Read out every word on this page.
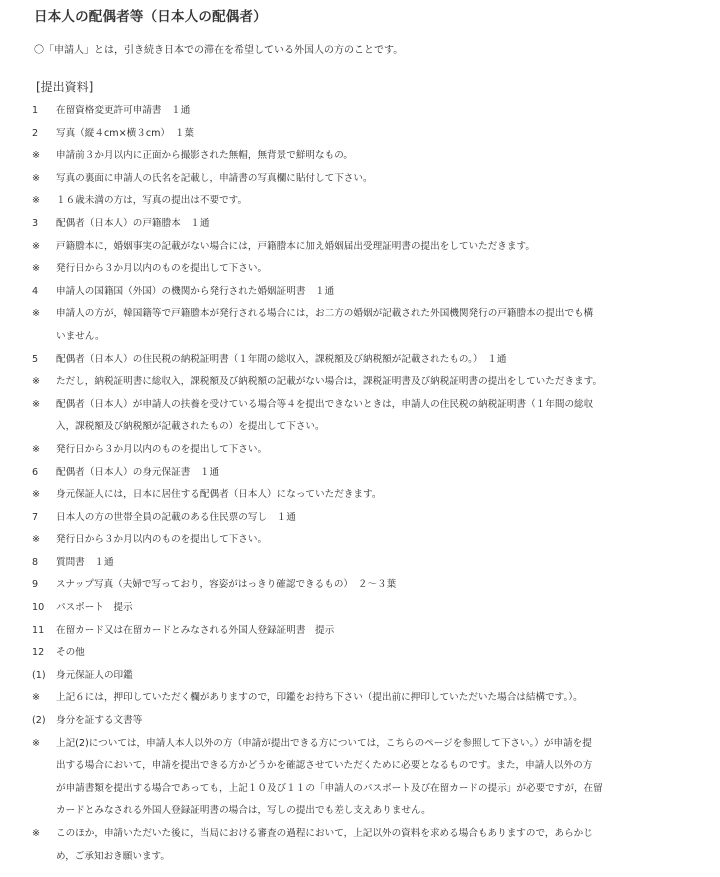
日本人の配偶者等（日本人の配偶者）
〇「申請人」とは，引き続き日本での滞在を希望している外国人の方のことです。
[提出資料]
1	在留資格変更許可申請書　１通
2	写真（縦４cm×横３cm）　１葉
※	申請前３か月以内に正面から撮影された無帽，無背景で鮮明なもの。
※	写真の裏面に申請人の氏名を記載し，申請書の写真欄に貼付して下さい。
※	１６歳未満の方は，写真の提出は不要です。
3	配偶者（日本人）の戸籍謄本　１通
※	戸籍謄本に，婚姻事実の記載がない場合には，戸籍謄本に加え婚姻届出受理証明書の提出をしていただきます。
※	発行日から３か月以内のものを提出して下さい。
4	申請人の国籍国（外国）の機関から発行された婚姻証明書　１通
※	申請人の方が，韓国籍等で戸籍謄本が発行される場合には，お二方の婚姻が記載された外国機関発行の戸籍謄本の提出でも構
いません。
5	配偶者（日本人）の住民税の納税証明書（１年間の総収入，課税額及び納税額が記載されたもの。）　１通
※	ただし，納税証明書に総収入，課税額及び納税額の記載がない場合は，課税証明書及び納税証明書の提出をしていただきます。
※	配偶者（日本人）が申請人の扶養を受けている場合等４を提出できないときは，申請人の住民税の納税証明書（１年間の総収
入，課税額及び納税額が記載されたもの）を提出して下さい。
※	発行日から３か月以内のものを提出して下さい。
6	配偶者（日本人）の身元保証書　１通
※	身元保証人には，日本に居住する配偶者（日本人）になっていただきます。
7	日本人の方の世帯全員の記載のある住民票の写し　１通
※	発行日から３か月以内のものを提出して下さい。
8	質問書　１通
9	スナップ写真（夫婦で写っており，容姿がはっきり確認できるもの）　２～３葉
10	パスポート　提示
11	在留カード又は在留カードとみなされる外国人登録証明書　提示
12	その他
(1)	身元保証人の印鑑
※	上記６には，押印していただく欄がありますので，印鑑をお持ち下さい（提出前に押印していただいた場合は結構です。）。
(2)	身分を証する文書等
※	上記(2)については，申請人本人以外の方（申請が提出できる方については，こちらのページを参照して下さい。）が申請を提
出する場合において，申請を提出できる方かどうかを確認させていただくために必要となるものです。また，申請人以外の方
が申請書類を提出する場合であっても，上記１０及び１１の「申請人のパスポート及び在留カードの提示」が必要ですが，在留
カードとみなされる外国人登録証明書の場合は，写しの提出でも差し支えありません。
※	このほか，申請いただいた後に，当局における審査の過程において，上記以外の資料を求める場合もありますので，あらかじ
め，ご承知おき願います。
